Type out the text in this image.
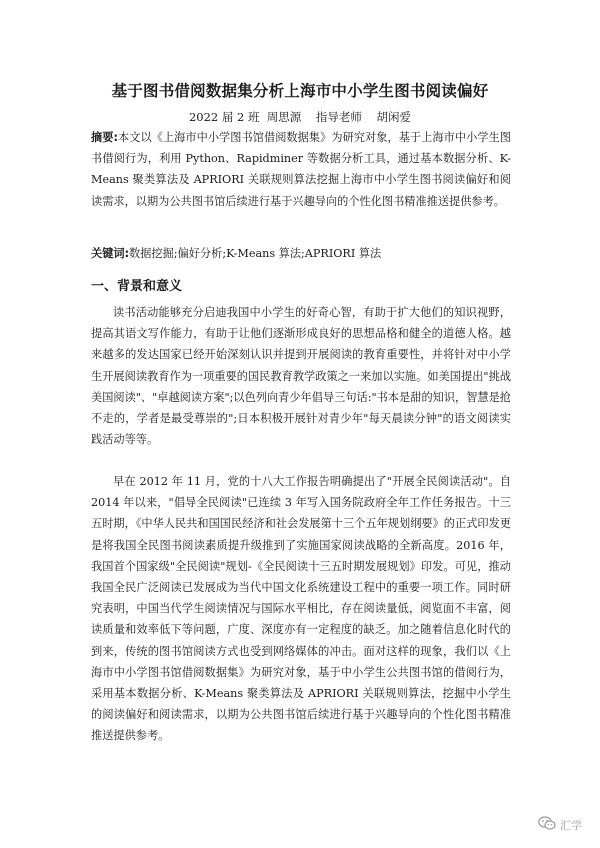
基于图书借阅数据集分析上海市中小学生图书阅读偏好
2022 届 2 班  周思源    指导老师    胡闲爱

摘要:本文以《上海市中小学图书馆借阅数据集》为研究对象，基于上海市中小学生图书借阅行为，利用 Python、Rapidminer 等数据分析工具，通过基本数据分析、K-Means 聚类算法及 APRIORI 关联规则算法挖掘上海市中小学生图书阅读偏好和阅读需求，以期为公共图书馆后续进行基于兴趣导向的个性化图书精准推送提供参考。

关键词:数据挖掘;偏好分析;K-Means 算法;APRIORI 算法

一、背景和意义

读书活动能够充分启迪我国中小学生的好奇心智，有助于扩大他们的知识视野，提高其语文写作能力，有助于让他们逐渐形成良好的思想品格和健全的道德人格。越来越多的发达国家已经开始深刻认识并提到开展阅读的教育重要性，并将针对中小学生开展阅读教育作为一项重要的国民教育教学政策之一来加以实施。如美国提出"挑战美国阅读"、"卓越阅读方案";以色列向青少年倡导三句话:"书本是甜的知识，智慧是抢不走的，学者是最受尊崇的";日本积极开展针对青少年"每天晨读分钟"的语文阅读实践活动等等。

早在 2012 年 11 月，党的十八大工作报告明确提出了"开展全民阅读活动"。自 2014 年以来，"倡导全民阅读"已连续 3 年写入国务院政府全年工作任务报告。十三五时期，《中华人民共和国国民经济和社会发展第十三个五年规划纲要》的正式印发更是将我国全民图书阅读素质提升级推到了实施国家阅读战略的全新高度。2016 年，我国首个国家级"全民阅读"规划-《全民阅读十三五时期发展规划》印发。可见，推动我国全民广泛阅读已发展成为当代中国文化系统建设工程中的重要一项工作。同时研究表明，中国当代学生阅读情况与国际水平相比，存在阅读量低，阅览面不丰富，阅读质量和效率低下等问题，广度、深度亦有一定程度的缺乏。加之随着信息化时代的到来，传统的图书馆阅读方式也受到网络媒体的冲击。面对这样的现象，我们以《上海市中小学图书馆借阅数据集》为研究对象，基于中小学生公共图书馆的借阅行为，采用基本数据分析、K-Means 聚类算法及 APRIORI 关联规则算法，挖掘中小学生的阅读偏好和阅读需求，以期为公共图书馆后续进行基于兴趣导向的个性化图书精准推送提供参考。

汇学
